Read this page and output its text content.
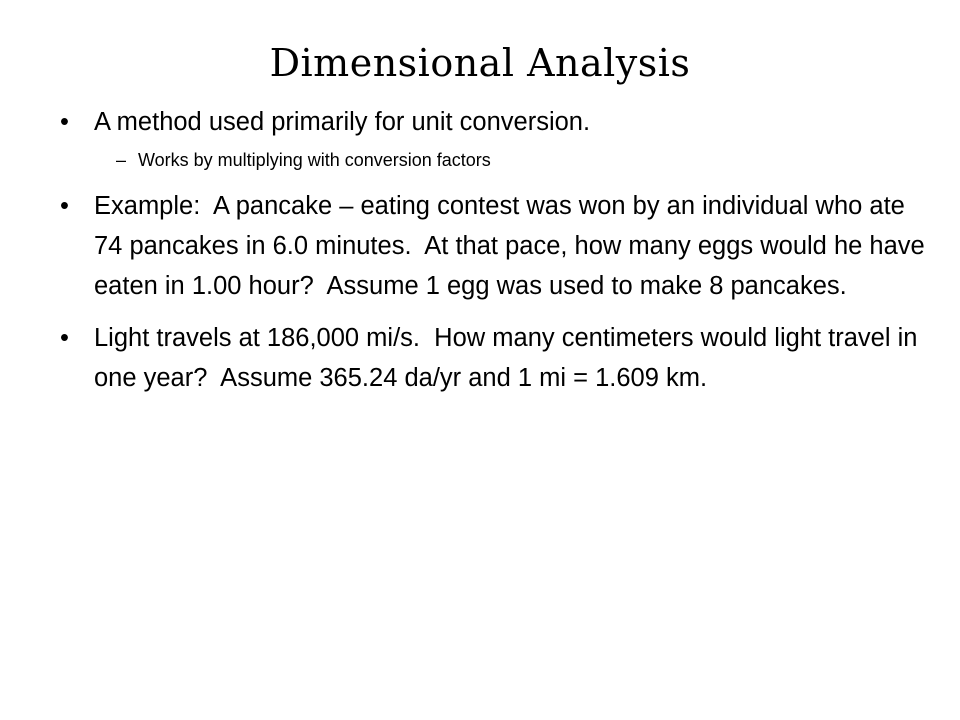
Dimensional Analysis
• A method used primarily for unit conversion.
– Works by multiplying with conversion factors
• Example:  A pancake – eating contest was won by an individual who ate 74 pancakes in 6.0 minutes.  At that pace, how many eggs would he have eaten in 1.00 hour?  Assume 1 egg was used to make 8 pancakes.
• Light travels at 186,000 mi/s.  How many centimeters would light travel in one year?  Assume 365.24 da/yr and 1 mi = 1.609 km.
